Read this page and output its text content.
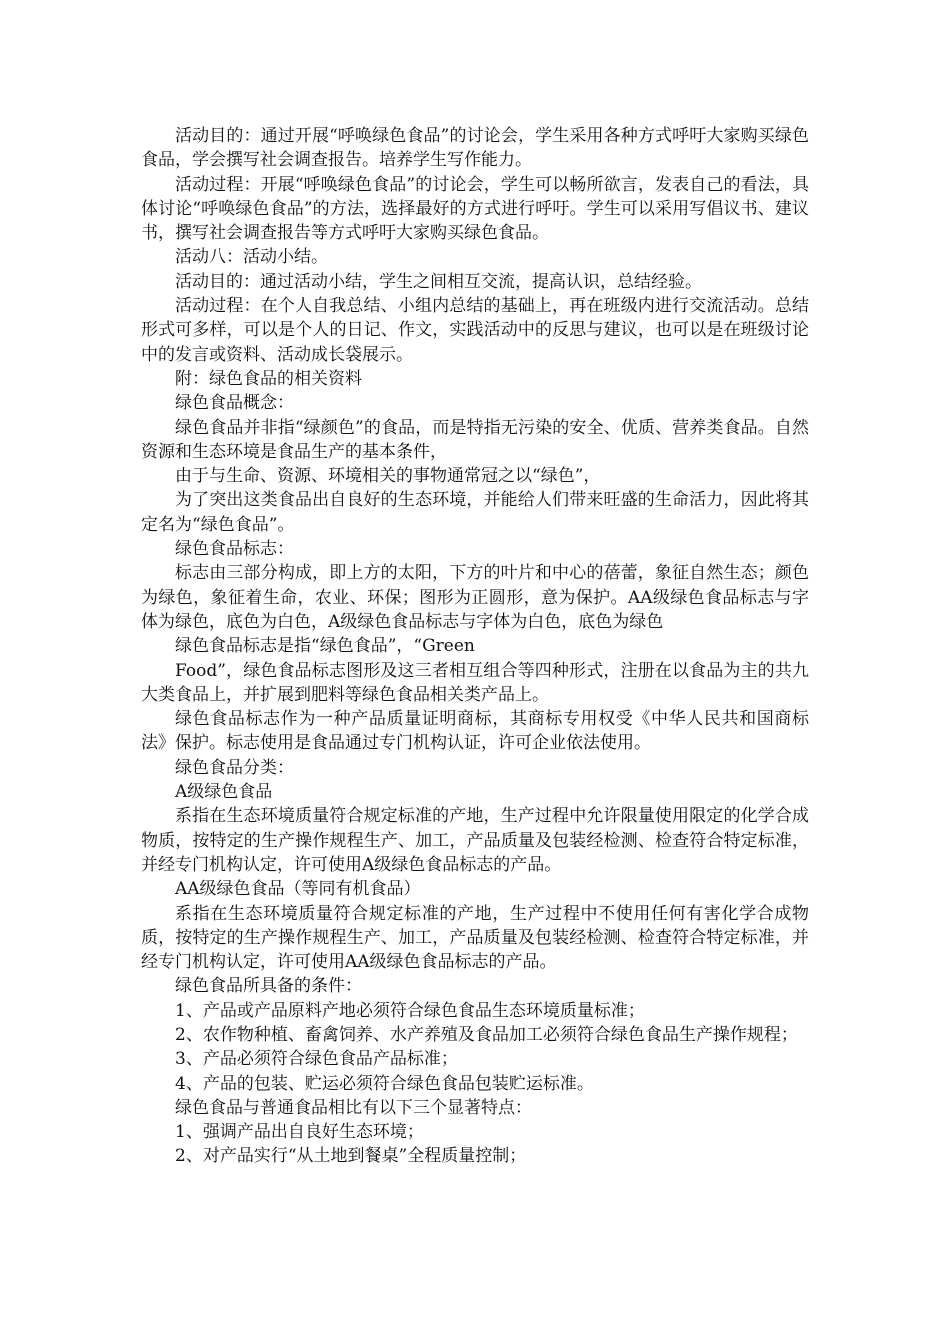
活动目的：通过开展“呼唤绿色食品”的讨论会，学生采用各种方式呼吁大家购买绿色食品，学会撰写社会调查报告。培养学生写作能力。

活动过程：开展“呼唤绿色食品”的讨论会，学生可以畅所欲言，发表自己的看法，具体讨论“呼唤绿色食品”的方法，选择最好的方式进行呼吁。学生可以采用写倡议书、建议书，撰写社会调查报告等方式呼吁大家购买绿色食品。

活动八：活动小结。

活动目的：通过活动小结，学生之间相互交流，提高认识，总结经验。

活动过程：在个人自我总结、小组内总结的基础上，再在班级内进行交流活动。总结形式可多样，可以是个人的日记、作文，实践活动中的反思与建议，也可以是在班级讨论中的发言或资料、活动成长袋展示。

附：绿色食品的相关资料

绿色食品概念：

绿色食品并非指“绿颜色”的食品，而是特指无污染的安全、优质、营养类食品。自然资源和生态环境是食品生产的基本条件，

由于与生命、资源、环境相关的事物通常冠之以“绿色”，

为了突出这类食品出自良好的生态环境，并能给人们带来旺盛的生命活力，因此将其定名为“绿色食品”。

绿色食品标志：

标志由三部分构成，即上方的太阳，下方的叶片和中心的蓓蕾，象征自然生态；颜色为绿色，象征着生命，农业、环保；图形为正圆形，意为保护。AA级绿色食品标志与字体为绿色，底色为白色，A级绿色食品标志与字体为白色，底色为绿色

绿色食品标志是指“绿色食品”，“Green

Food”，绿色食品标志图形及这三者相互组合等四种形式，注册在以食品为主的共九大类食品上，并扩展到肥料等绿色食品相关类产品上。

绿色食品标志作为一种产品质量证明商标，其商标专用权受《中华人民共和国商标法》保护。标志使用是食品通过专门机构认证，许可企业依法使用。

绿色食品分类：

A级绿色食品

系指在生态环境质量符合规定标准的产地，生产过程中允许限量使用限定的化学合成物质，按特定的生产操作规程生产、加工，产品质量及包装经检测、检查符合特定标准，并经专门机构认定，许可使用A级绿色食品标志的产品。

AA级绿色食品（等同有机食品）

系指在生态环境质量符合规定标准的产地，生产过程中不使用任何有害化学合成物质，按特定的生产操作规程生产、加工，产品质量及包装经检测、检查符合特定标准，并经专门机构认定，许可使用AA级绿色食品标志的产品。

绿色食品所具备的条件：

1、产品或产品原料产地必须符合绿色食品生态环境质量标准；

2、农作物种植、畜禽饲养、水产养殖及食品加工必须符合绿色食品生产操作规程；

3、产品必须符合绿色食品产品标准；

4、产品的包装、贮运必须符合绿色食品包装贮运标准。

绿色食品与普通食品相比有以下三个显著特点：

1、强调产品出自良好生态环境；

2、对产品实行“从土地到餐桌”全程质量控制；
